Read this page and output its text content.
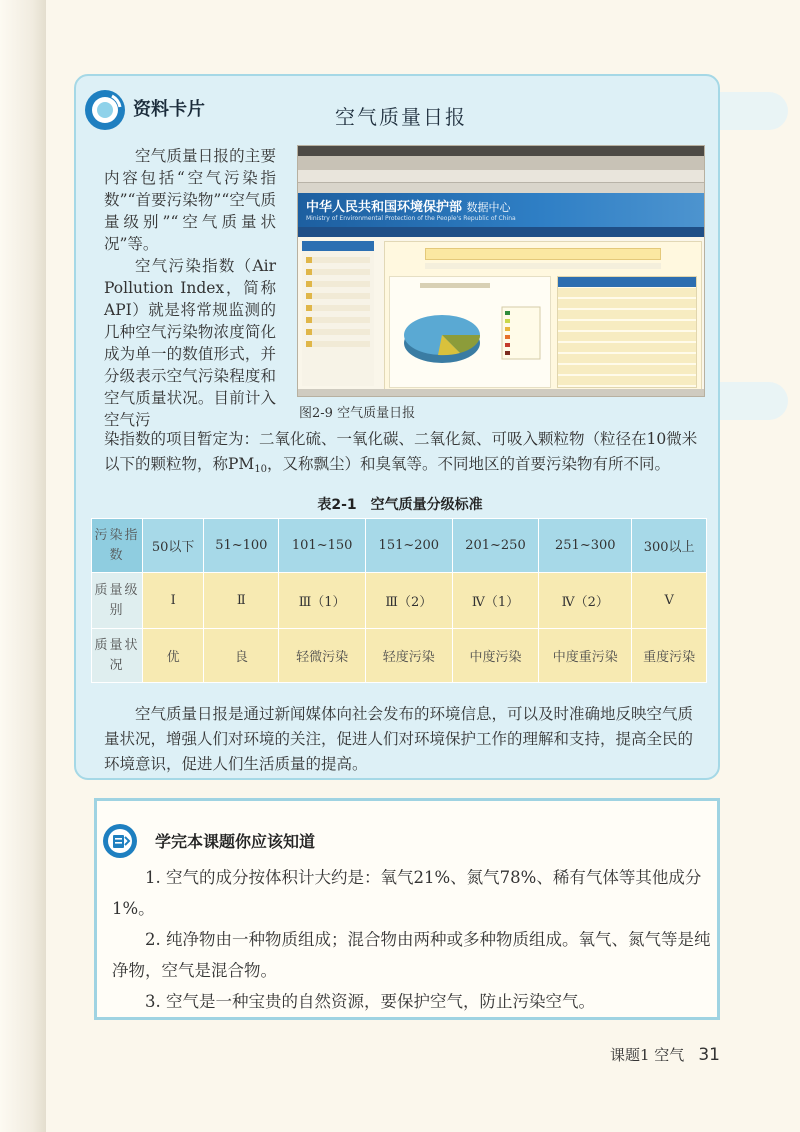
资料卡片	空气质量日报

空气质量日报的主要内容包括“空气污染指数”“首要污染物”“空气质量级别”“空气质量状况”等。

空气污染指数（Air Pollution Index，简称API）就是将常规监测的几种空气污染物浓度简化成为单一的数值形式，并分级表示空气污染程度和空气质量状况。目前计入空气污

中华人民共和国环境保护部 数据中心
Ministry of Environmental Protection of the People's Republic of China
图2-9 空气质量日报

染指数的项目暂定为：二氧化硫、一氧化碳、二氧化氮、可吸入颗粒物（粒径在10微米以下的颗粒物，称$PM_{10}$，又称飘尘）和臭氧等。不同地区的首要污染物有所不同。

表2-1　空气质量分级标准
污染指数	50以下	51~100	101~150	151~200	201~250	251~300	300以上
质量级别	Ⅰ	Ⅱ	Ⅲ（1）	Ⅲ（2）	Ⅳ（1）	Ⅳ（2）	Ⅴ
质量状况	优	良	轻微污染	轻度污染	中度污染	中度重污染	重度污染

空气质量日报是通过新闻媒体向社会发布的环境信息，可以及时准确地反映空气质量状况，增强人们对环境的关注，促进人们对环境保护工作的理解和支持，提高全民的环境意识，促进人们生活质量的提高。

学完本课题你应该知道

1. 空气的成分按体积计大约是：氧气21%、氮气78%、稀有气体等其他成分1%。

2. 纯净物由一种物质组成；混合物由两种或多种物质组成。氧气、氮气等是纯净物，空气是混合物。

3. 空气是一种宝贵的自然资源，要保护空气，防止污染空气。

课题1 空气 31
